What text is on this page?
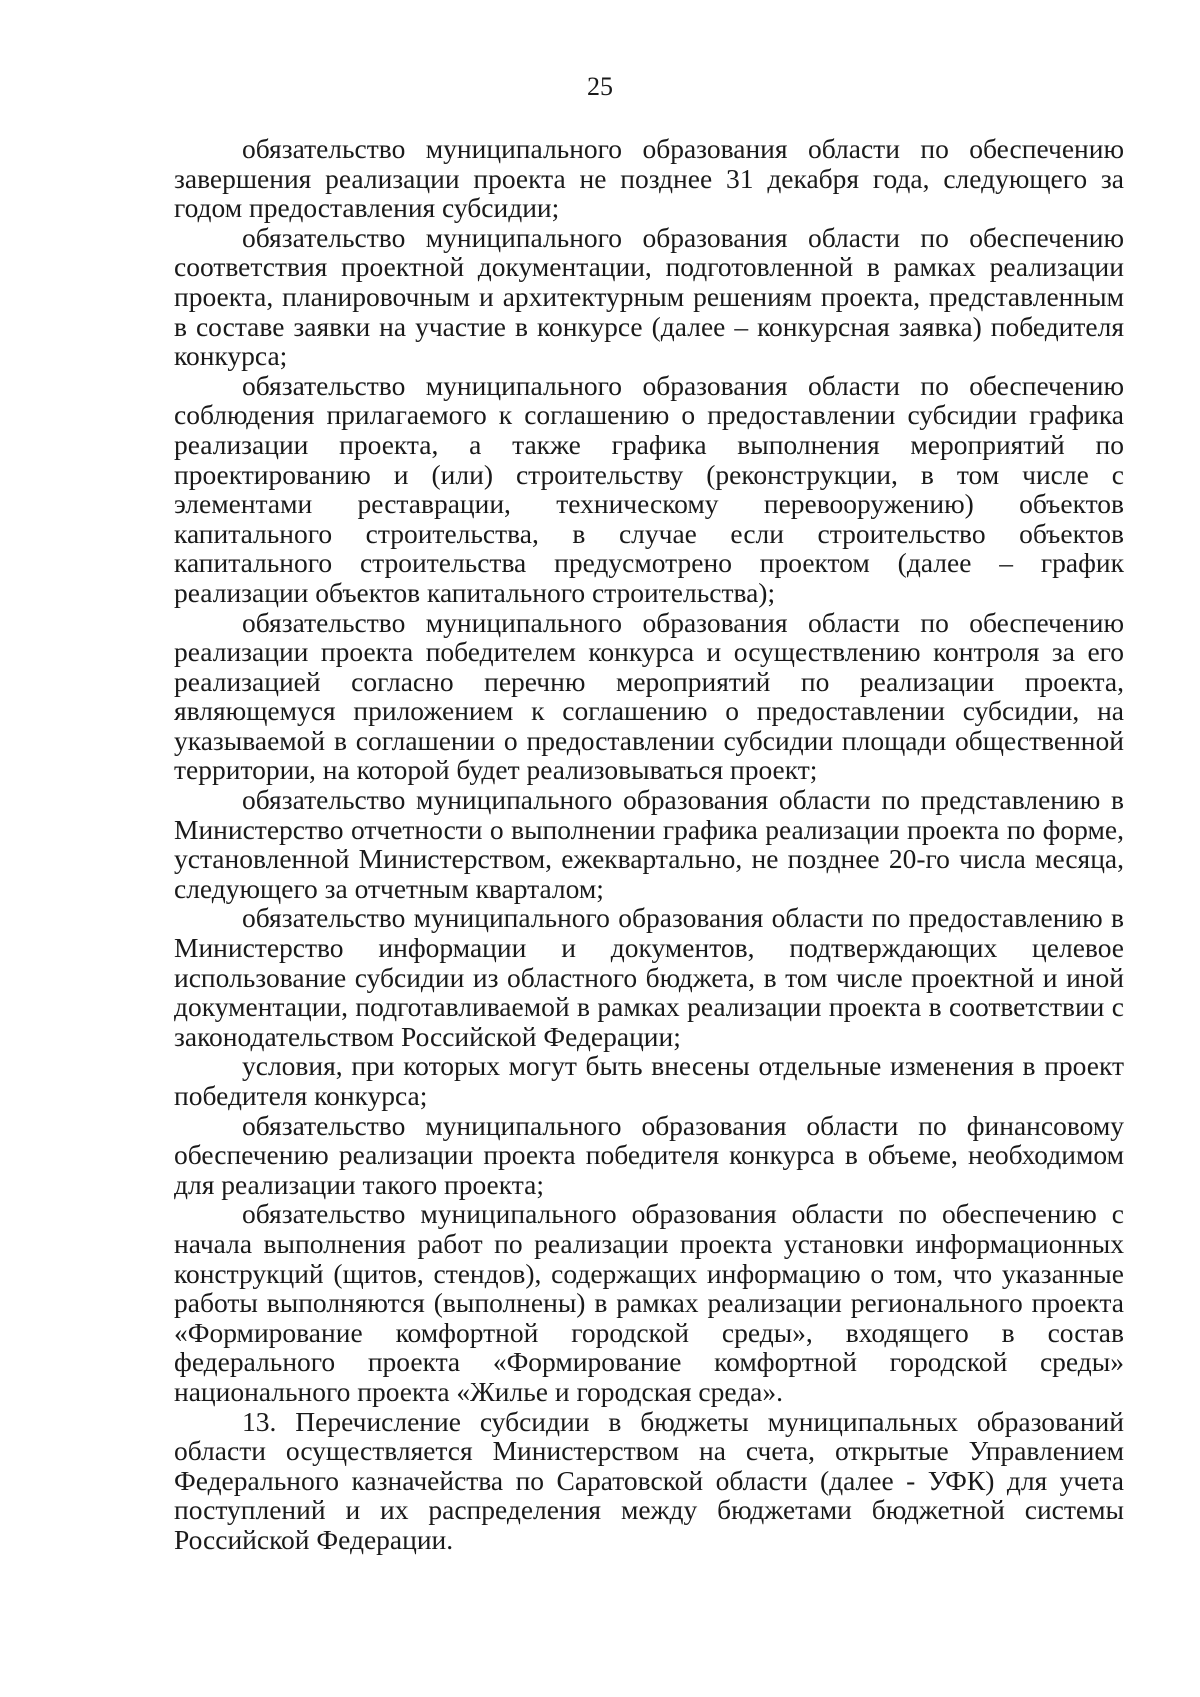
25

обязательство муниципального образования области по обеспечению завершения реализации проекта не позднее 31 декабря года, следующего за годом предоставления субсидии;

обязательство муниципального образования области по обеспечению соответствия проектной документации, подготовленной в рамках реализации проекта, планировочным и архитектурным решениям проекта, представленным в составе заявки на участие в конкурсе (далее – конкурсная заявка) победителя конкурса;

обязательство муниципального образования области по обеспечению соблюдения прилагаемого к соглашению о предоставлении субсидии графика реализации проекта, а также графика выполнения мероприятий по проектированию и (или) строительству (реконструкции, в том числе с элементами реставрации, техническому перевооружению) объектов капитального строительства, в случае если строительство объектов капитального строительства предусмотрено проектом (далее – график реализации объектов капитального строительства);

обязательство муниципального образования области по обеспечению реализации проекта победителем конкурса и осуществлению контроля за его реализацией согласно перечню мероприятий по реализации проекта, являющемуся приложением к соглашению о предоставлении субсидии, на указываемой в соглашении о предоставлении субсидии площади общественной территории, на которой будет реализовываться проект;

обязательство муниципального образования области по представлению в Министерство отчетности о выполнении графика реализации проекта по форме, установленной Министерством, ежеквартально, не позднее 20-го числа месяца, следующего за отчетным кварталом;

обязательство муниципального образования области по предоставлению в Министерство информации и документов, подтверждающих целевое использование субсидии из областного бюджета, в том числе проектной и иной документации, подготавливаемой в рамках реализации проекта в соответствии с законодательством Российской Федерации;

условия, при которых могут быть внесены отдельные изменения в проект победителя конкурса;

обязательство муниципального образования области по финансовому обеспечению реализации проекта победителя конкурса в объеме, необходимом для реализации такого проекта;

обязательство муниципального образования области по обеспечению с начала выполнения работ по реализации проекта установки информационных конструкций (щитов, стендов), содержащих информацию о том, что указанные работы выполняются (выполнены) в рамках реализации регионального проекта «Формирование комфортной городской среды», входящего в состав федерального проекта «Формирование комфортной городской среды» национального проекта «Жилье и городская среда».

13. Перечисление субсидии в бюджеты муниципальных образований области осуществляется Министерством на счета, открытые Управлением Федерального казначейства по Саратовской области (далее - УФК) для учета поступлений и их распределения между бюджетами бюджетной системы Российской Федерации.
